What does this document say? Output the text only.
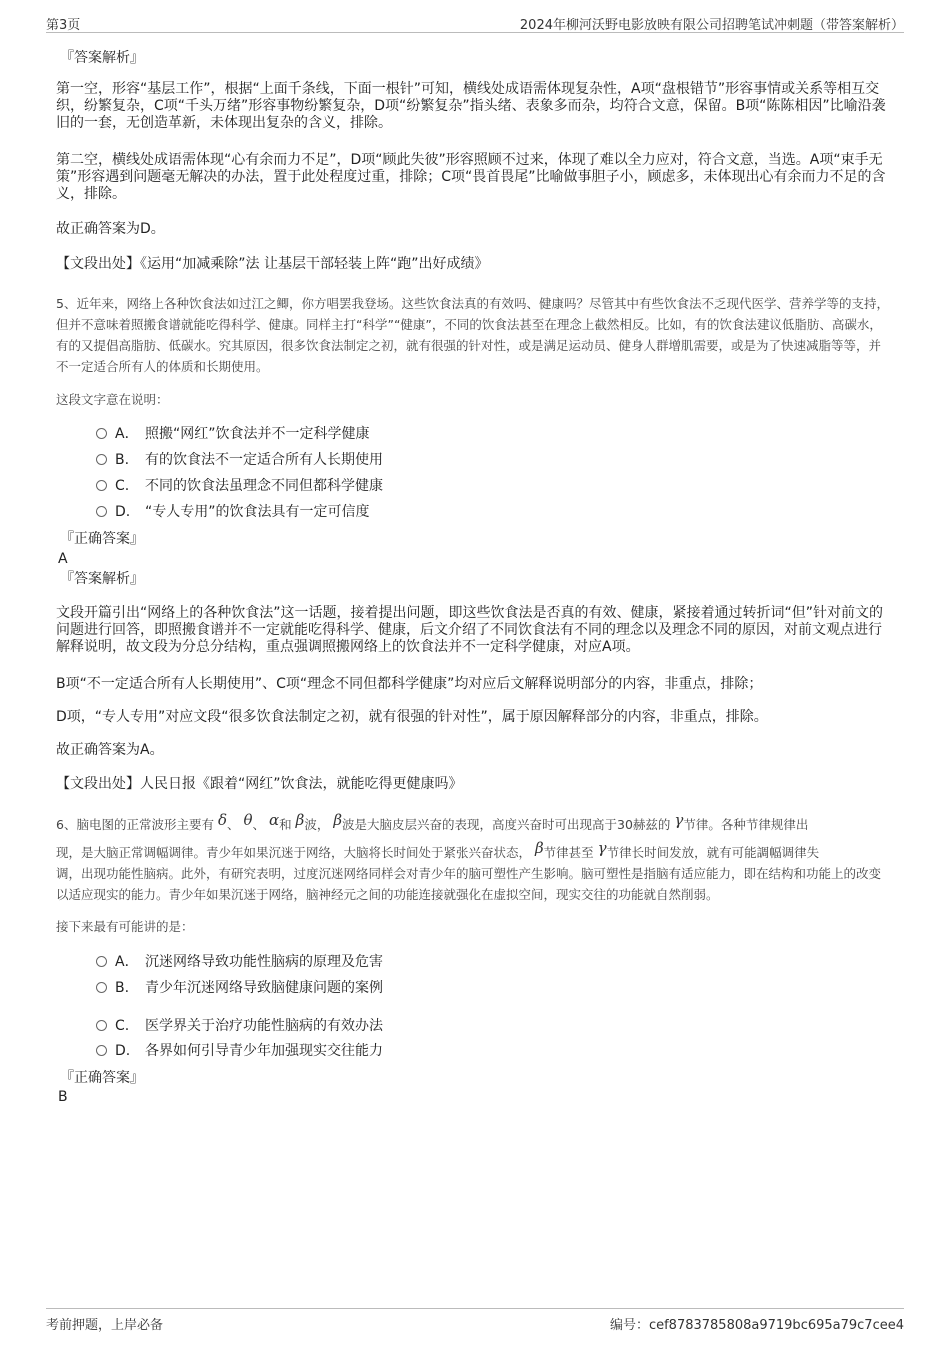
第3页	2024年柳河沃野电影放映有限公司招聘笔试冲刺题（带答案解析）
『答案解析』
第一空，形容“基层工作”，根据“上面千条线，下面一根针”可知，横线处成语需体现复杂性，A项“盘根错节”形容事情或关系等相互交织，纷繁复杂，C项“千头万绪”形容事物纷繁复杂，D项“纷繁复杂”指头绪、表象多而杂，均符合文意，保留。B项“陈陈相因”比喻沿袭旧的一套，无创造革新，未体现出复杂的含义，排除。
第二空，横线处成语需体现“心有余而力不足”，D项“顾此失彼”形容照顾不过来，体现了难以全力应对，符合文意，当选。A项“束手无策”形容遇到问题毫无解决的办法，置于此处程度过重，排除；C项“畏首畏尾”比喻做事胆子小，顾虑多，未体现出心有余而力不足的含义，排除。
故正确答案为D。
【文段出处】《运用“加减乘除”法 让基层干部轻装上阵“跑”出好成绩》
5、近年来，网络上各种饮食法如过江之鲫，你方唱罢我登场。这些饮食法真的有效吗、健康吗？尽管其中有些饮食法不乏现代医学、营养学等的支持，但并不意味着照搬食谱就能吃得科学、健康。同样主打“科学”“健康”，不同的饮食法甚至在理念上截然相反。比如，有的饮食法建议低脂肪、高碳水，有的又提倡高脂肪、低碳水。究其原因，很多饮食法制定之初，就有很强的针对性，或是满足运动员、健身人群增肌需要，或是为了快速减脂等等，并不一定适合所有人的体质和长期使用。
这段文字意在说明：
A． 照搬“网红”饮食法并不一定科学健康
B. 有的饮食法不一定适合所有人长期使用
C. 不同的饮食法虽理念不同但都科学健康
D. “专人专用”的饮食法具有一定可信度
『正确答案』
A
『答案解析』
文段开篇引出“网络上的各种饮食法”这一话题，接着提出问题，即这些饮食法是否真的有效、健康，紧接着通过转折词“但”针对前文的问题进行回答，即照搬食谱并不一定就能吃得科学、健康，后文介绍了不同饮食法有不同的理念以及理念不同的原因，对前文观点进行解释说明，故文段为分总分结构，重点强调照搬网络上的饮食法并不一定科学健康，对应A项。
B项“不一定适合所有人长期使用”、C项“理念不同但都科学健康”均对应后文解释说明部分的内容，非重点，排除；
D项，“专人专用”对应文段“很多饮食法制定之初，就有很强的针对性”，属于原因解释部分的内容，非重点，排除。
故正确答案为A。
【文段出处】人民日报《跟着“网红”饮食法，就能吃得更健康吗》
6、脑电图的正常波形主要有 δ、 θ、 α和 β波， β波是大脑皮层兴奋的表现，高度兴奋时可出现高于30赫兹的 γ节律。各种节律规律出
现，是大脑正常调幅调律。青少年如果沉迷于网络，大脑将长时间处于紧张兴奋状态， β节律甚至 γ节律长时间发放，就有可能調幅调律失
调，出现功能性脑病。此外，有研究表明，过度沉迷网络同样会对青少年的脑可塑性产生影响。脑可塑性是指脑有适应能力，即在结构和功能上的改变以适应现实的能力。青少年如果沉迷于网络，脑神经元之间的功能连接就强化在虚拟空间，现实交往的功能就自然削弱。
接下来最有可能讲的是：
A． 沉迷网络导致功能性脑病的原理及危害
B. 青少年沉迷网络导致脑健康问题的案例
C. 医学界关于治疗功能性脑病的有效办法
D. 各界如何引导青少年加强现实交往能力
『正确答案』
B
考前押题，上岸必备	编号：cef8783785808a9719bc695a79c7cee4
